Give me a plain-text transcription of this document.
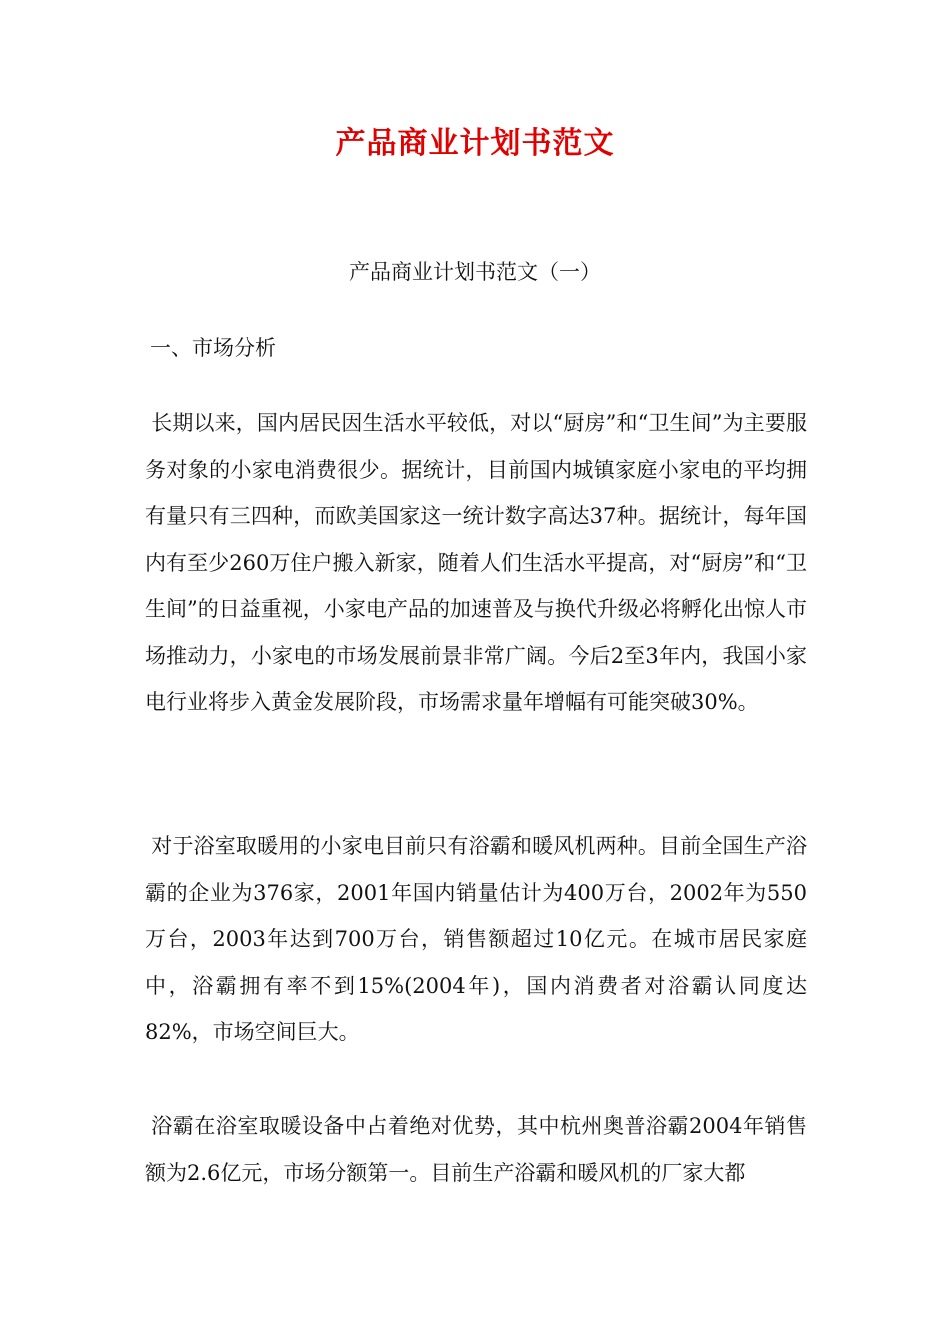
产品商业计划书范文
产品商业计划书范文（一）
一、市场分析

长期以来，国内居民因生活水平较低，对以“厨房”和“卫生间”为主要服务对象的小家电消费很少。据统计，目前国内城镇家庭小家电的平均拥有量只有三四种，而欧美国家这一统计数字高达37种。据统计，每年国内有至少260万住户搬入新家，随着人们生活水平提高，对“厨房”和“卫生间”的日益重视，小家电产品的加速普及与换代升级必将孵化出惊人市场推动力，小家电的市场发展前景非常广阔。今后2至3年内，我国小家电行业将步入黄金发展阶段，市场需求量年增幅有可能突破30%。

对于浴室取暖用的小家电目前只有浴霸和暖风机两种。目前全国生产浴霸的企业为376家，2001年国内销量估计为400万台，2002年为550万台，2003年达到700万台，销售额超过10亿元。在城市居民家庭中，浴霸拥有率不到15%(2004年)，国内消费者对浴霸认同度达82%，市场空间巨大。

浴霸在浴室取暖设备中占着绝对优势，其中杭州奥普浴霸2004年销售额为2.6亿元，市场分额第一。目前生产浴霸和暖风机的厂家大都
